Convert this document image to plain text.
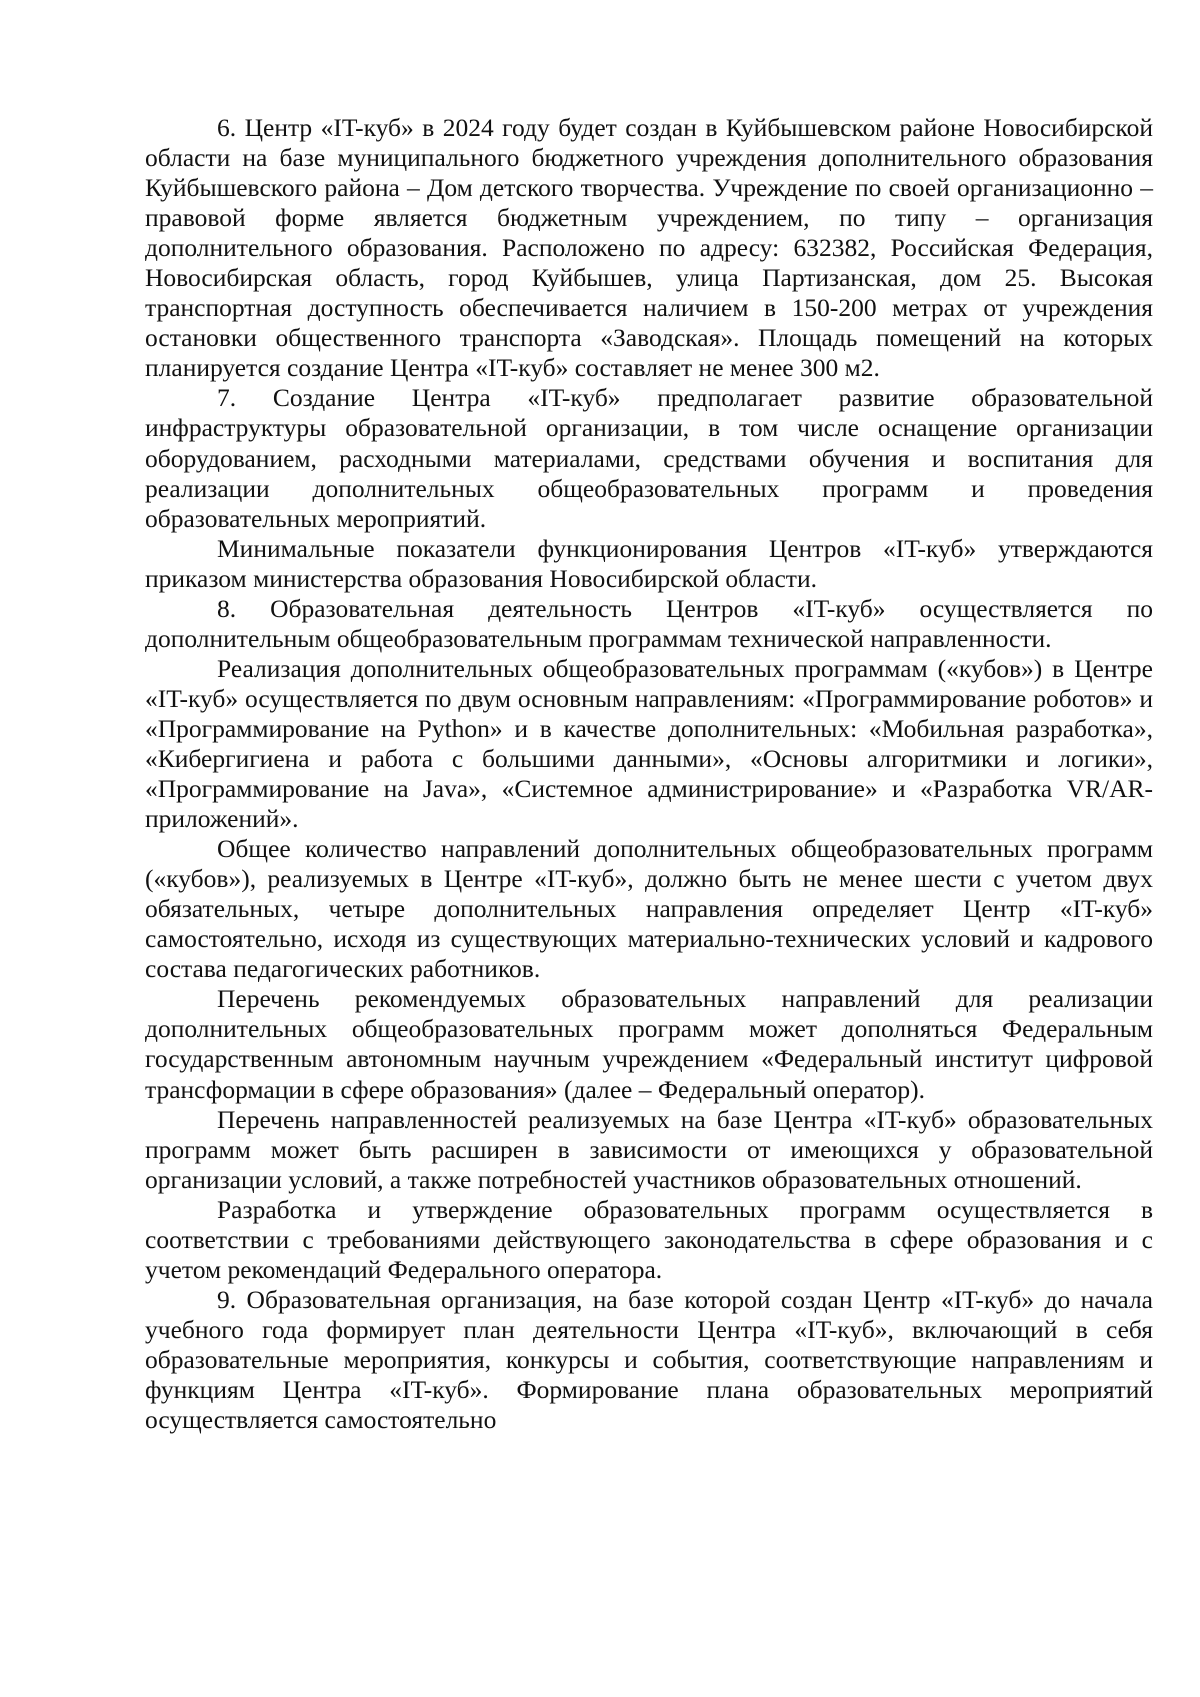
6. Центр «IT-куб» в 2024 году будет создан в Куйбышевском районе Новосибирской области на базе муниципального бюджетного учреждения дополнительного образования Куйбышевского района – Дом детского творчества. Учреждение по своей организационно – правовой форме является бюджетным учреждением, по типу – организация дополнительного образования. Расположено по адресу: 632382, Российская Федерация, Новосибирская область, город Куйбышев, улица Партизанская, дом 25. Высокая транспортная доступность обеспечивается наличием в 150-200 метрах от учреждения остановки общественного транспорта «Заводская». Площадь помещений на которых планируется создание Центра «IT-куб» составляет не менее 300 м2.

7. Создание Центра «IT-куб» предполагает развитие образовательной инфраструктуры образовательной организации, в том числе оснащение организации оборудованием, расходными материалами, средствами обучения и воспитания для реализации дополнительных общеобразовательных программ и проведения образовательных мероприятий.

Минимальные показатели функционирования Центров «IT-куб» утверждаются приказом министерства образования Новосибирской области.

8. Образовательная деятельность Центров «IT-куб» осуществляется по дополнительным общеобразовательным программам технической направленности.

Реализация дополнительных общеобразовательных программам («кубов») в Центре «IT-куб» осуществляется по двум основным направлениям: «Программирование роботов» и «Программирование на Python» и в качестве дополнительных: «Мобильная разработка», «Кибергигиена и работа с большими данными», «Основы алгоритмики и логики», «Программирование на Java», «Системное администрирование» и «Разработка VR/AR-приложений».

Общее количество направлений дополнительных общеобразовательных программ («кубов»), реализуемых в Центре «IT-куб», должно быть не менее шести с учетом двух обязательных, четыре дополнительных направления определяет Центр «IT-куб» самостоятельно, исходя из существующих материально-технических условий и кадрового состава педагогических работников.

Перечень рекомендуемых образовательных направлений для реализации дополнительных общеобразовательных программ может дополняться Федеральным государственным автономным научным учреждением «Федеральный институт цифровой трансформации в сфере образования» (далее – Федеральный оператор).

Перечень направленностей реализуемых на базе Центра «IT-куб» образовательных программ может быть расширен в зависимости от имеющихся у образовательной организации условий, а также потребностей участников образовательных отношений.

Разработка и утверждение образовательных программ осуществляется в соответствии с требованиями действующего законодательства в сфере образования и с учетом рекомендаций Федерального оператора.

9. Образовательная организация, на базе которой создан Центр «IT-куб» до начала учебного года формирует план деятельности Центра «IT-куб», включающий в себя образовательные мероприятия, конкурсы и события, соответствующие направлениям и функциям Центра «IT-куб». Формирование плана образовательных мероприятий осуществляется самостоятельно
